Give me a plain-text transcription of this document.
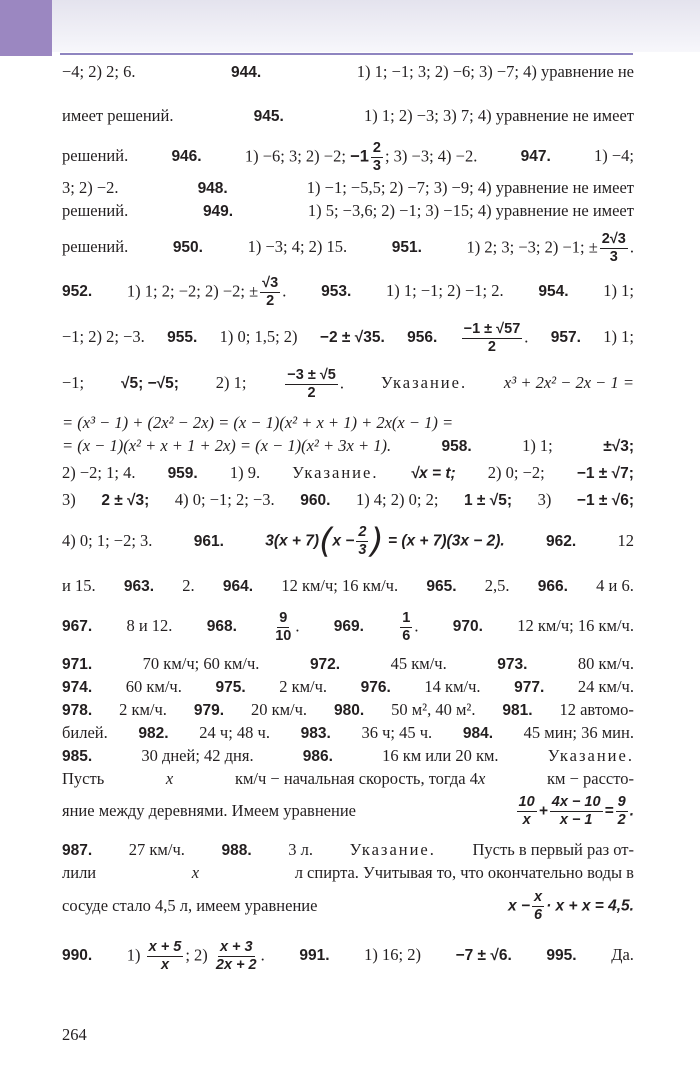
−4; 2) 2; 6.	944.	1) 1; −1; 3; 2) −6; 3) −7; 4) уравнение не
имеет решений.	945.	1) 1; 2) −3; 3) 7; 4) уравнение не имеет
решений.	946.	1) −6; 3; 2) −2; $-1 \frac{2}{3}$ ; 3) −3; 4) −2.	947.	1) −4;
3; 2) −2.	948.	1) −1; −5,5; 2) −7; 3) −9; 4) уравнение не имеет
решений.	949.	1) 5; −3,6; 2) −1; 3) −15; 4) уравнение не имеет
решений.	950.	1) −3; 4; 2) 15.	951.	1) 2; 3; −3; 2) −1; ± $\frac{2√3}{3}$ .
952. 1) 1; 2; −2; 2) −2; ± $\frac{√3}{2}$ . 953. 1) 1; −1; 2) −1; 2. 954. 1) 1;
−1; 2) 2; −3. 955. 1) 0; 1,5; 2) −2 ± √35. 956. $\frac{-1 \pm √57}{2}$ . 957. 1) 1;
−1; √5; −√5; 2) 1;	$\frac{-3 \pm √5}{2}$ . Указание. x³ + 2x² − 2x − 1 =
= (x³ − 1) + (2x² − 2x) = (x − 1)(x² + x + 1) + 2x(x − 1) =
= (x − 1)(x² + x + 1 + 2x) = (x − 1)(x² + 3x + 1).	958.	1) 1;	±√3;
2) −2; 1; 4. 959. 1) 9. Указание. √x = t; 2) 0; −2; −1 ± √7;
3) 2 ± √3; 4) 0; −1; 2; −3. 960. 1) 4; 2) 0; 2; 1 ± √5; 3) −1 ± √6;
4) 0; 1; −2; 3.	961.	$3(x + 7)(x - \frac{2}{3}$ ) = (x + 7)(3x − 2).	962.	12
и 15. 963. 2. 964. 12 км/ч; 16 км/ч. 965. 2,5. 966. 4 и 6.
967. 8 и 12. 968.	$\frac{9}{10}$ . 969.	$\frac{1}{6}$ . 970. 12 км/ч; 16 км/ч.
971.	70 км/ч; 60 км/ч.	972.	45 км/ч.	973.	80 км/ч.
974. 60 км/ч. 975. 2 км/ч. 976. 14 км/ч. 977. 24 км/ч.
978. 2 км/ч. 979. 20 км/ч. 980. 50 м², 40 м². 981. 12 автомо-
билей. 982. 24 ч; 48 ч. 983. 36 ч; 45 ч. 984. 45 мин; 36 мин.
985.	30 дней; 42 дня.	986.	16 км или 20 км.	Указание.
Пусть	x	км/ч − начальная скорость, тогда 4x	км − рассто-
яние между деревнями. Имеем уравнение	$\frac{10}{x} + \frac{4x - 10}{x - 1} = \frac{9}{2}$ .
987. 27 км/ч. 988. 3 л. Указание. Пусть в первый раз от-
лили	x	л спирта. Учитывая то, что окончательно воды в
сосуде стало 4,5 л, имеем уравнение	$x - \frac{x}{6} \cdot x + x = 4,5$.
990. $1) \frac{x + 5}{x}$ ; $2) \frac{x + 3}{2x + 2}$ . 991. 1) 16; 2) −7 ± √6. 995. Да.
264
